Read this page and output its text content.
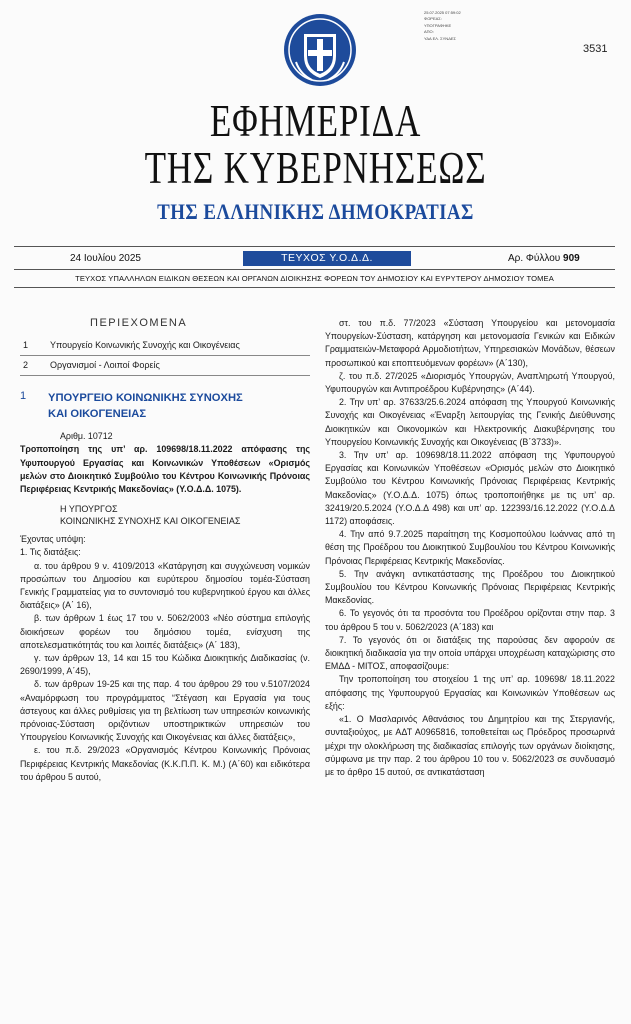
25.07.2025 07:59:02
ΦΟΡΕΑΣ:
ΥΠΟΓΡΑΦΗΚΕ
ΑΠΟ:
ΥΔΑ ΕΛ. ΣΥΝΔΕΣ
3531
ΕΦΗΜΕΡΙΔΑ
ΤΗΣ ΚΥΒΕΡΝΗΣΕΩΣ
ΤΗΣ ΕΛΛΗΝΙΚΗΣ ΔΗΜΟΚΡΑΤΙΑΣ
24 Ιουλίου 2025	ΤΕΥΧΟΣ Υ.Ο.Δ.Δ.	Αρ. Φύλλου 909
ΤΕΥΧΟΣ ΥΠΑΛΛΗΛΩΝ ΕΙΔΙΚΩΝ ΘΕΣΕΩΝ ΚΑΙ ΟΡΓΑΝΩΝ ΔΙΟΙΚΗΣΗΣ ΦΟΡΕΩΝ ΤΟΥ ΔΗΜΟΣΙΟΥ ΚΑΙ ΕΥΡΥΤΕΡΟΥ ΔΗΜΟΣΙΟΥ ΤΟΜΕΑ
ΠΕΡΙΕΧΟΜΕΝΑ
1 Υπουργείο Κοινωνικής Συνοχής και Οικογένειας
2 Οργανισμοί - Λοιποί Φορείς
1 ΥΠΟΥΡΓΕΙΟ ΚΟΙΝΩΝΙΚΗΣ ΣΥΝΟΧΗΣ
ΚΑΙ ΟΙΚΟΓΕΝΕΙΑΣ
Αριθμ. 10712

Τροποποίηση της υπ’ αρ. 109698/18.11.2022 απόφασης της Υφυπουργού Εργασίας και Κοινωνικών Υποθέσεων «Ορισμός μελών στο Διοικητικό Συμβούλιο του Κέντρου Κοινωνικής Πρόνοιας Περιφέρειας Κεντρικής Μακεδονίας» (Υ.Ο.Δ.Δ. 1075).

Η ΥΠΟΥΡΓΟΣ
ΚΟΙΝΩΝΙΚΗΣ ΣΥΝΟΧΗΣ ΚΑΙ ΟΙΚΟΓΕΝΕΙΑΣ

Έχοντας υπόψη:

1. Τις διατάξεις:

α. του άρθρου 9 ν. 4109/2013 «Κατάργηση και συγχώνευση νομικών προσώπων του Δημοσίου και ευρύτερου δημοσίου τομέα-Σύσταση Γενικής Γραμματείας για το συντονισμό του κυβερνητικού έργου και άλλες διατάξεις» (Α΄ 16),

β. των άρθρων 1 έως 17 του ν. 5062/2003 «Νέο σύστημα επιλογής διοικήσεων φορέων του δημόσιου τομέα, ενίσχυση της αποτελεσματικότητάς του και λοιπές διατάξεις» (Α΄ 183),

γ. των άρθρων 13, 14 και 15 του Κώδικα Διοικητικής Διαδικασίας (ν. 2690/1999, Α΄45),

δ. των άρθρων 19-25 και της παρ. 4 του άρθρου 29 του ν.5107/2024 «Αναμόρφωση του προγράμματος “Στέγαση και Εργασία για τους άστεγους και άλλες ρυθμίσεις για τη βελτίωση των υπηρεσιών κοινωνικής πρόνοιας-Σύσταση οριζόντιων υποστηρικτικών υπηρεσιών του Υπουργείου Κοινωνικής Συνοχής και Οικογένειας και άλλες διατάξεις»,

ε. του π.δ. 29/2023 «Οργανισμός Κέντρου Κοινωνικής Πρόνοιας Περιφέρειας Κεντρικής Μακεδονίας (Κ.Κ.Π.Π. Κ. Μ.) (Α΄60) και ειδικότερα του άρθρου 5 αυτού,

στ. του π.δ. 77/2023 «Σύσταση Υπουργείου και μετονομασία Υπουργείων-Σύσταση, κατάργηση και μετονομασία Γενικών και Ειδικών Γραμματειών-Μεταφορά Αρμοδιοτήτων, Υπηρεσιακών Μονάδων, θέσεων προσωπικού και εποπτευόμενων φορέων» (Α΄130),

ζ. του π.δ. 27/2025 «Διορισμός Υπουργών, Αναπληρωτή Υπουργού, Υφυπουργών και Αντιπροέδρου Κυβέρνησης» (Α΄44).

2. Την υπ’ αρ. 37633/25.6.2024 απόφαση της Υπουργού Κοινωνικής Συνοχής και Οικογένειας «Έναρξη λειτουργίας της Γενικής Διεύθυνσης Διοικητικών και Οικονομικών και Ηλεκτρονικής Διακυβέρνησης του Υπουργείου Κοινωνικής Συνοχής και Οικογένειας (Β΄3733)».

3. Την υπ’ αρ. 109698/18.11.2022 απόφαση της Υφυπουργού Εργασίας και Κοινωνικών Υποθέσεων «Ορισμός μελών στο Διοικητικό Συμβούλιο του Κέντρου Κοινωνικής Πρόνοιας Περιφέρειας Κεντρικής Μακεδονίας» (Υ.Ο.Δ.Δ. 1075) όπως τροποποιήθηκε με τις υπ’ αρ. 32419/20.5.2024 (Υ.Ο.Δ.Δ 498) και υπ’ αρ. 122393/16.12.2022 (Υ.Ο.Δ.Δ 1172) αποφάσεις.

4. Την από 9.7.2025 παραίτηση της Κοσμοπούλου Ιωάννας από τη θέση της Προέδρου του Διοικητικού Συμβουλίου του Κέντρου Κοινωνικής Πρόνοιας Περιφέρειας Κεντρικής Μακεδονίας.

5. Την ανάγκη αντικατάστασης της Προέδρου του Διοικητικού Συμβουλίου του Κέντρου Κοινωνικής Πρόνοιας Περιφέρειας Κεντρικής Μακεδονίας.

6. Το γεγονός ότι τα προσόντα του Προέδρου ορίζονται στην παρ. 3 του άρθρου 5 του ν. 5062/2023 (Α΄183) και

7. Το γεγονός ότι οι διατάξεις της παρούσας δεν αφορούν σε διοικητική διαδικασία για την οποία υπάρχει υποχρέωση καταχώρισης στο ΕΜΔΔ - ΜΙΤΟΣ, αποφασίζουμε:

Την τροποποίηση του στοιχείου 1 της υπ’ αρ. 109698/ 18.11.2022 απόφασης της Υφυπουργού Εργασίας και Κοινωνικών Υποθέσεων ως εξής:

«1. Ο Μασλαρινός Αθανάσιος του Δημητρίου και της Στεργιανής, συνταξιούχος, με ΑΔΤ Α0965816, τοποθετείται ως Πρόεδρος προσωρινά μέχρι την ολοκλήρωση της διαδικασίας επιλογής των οργάνων διοίκησης, σύμφωνα με την παρ. 2 του άρθρου 10 του ν. 5062/2023 σε συνδυασμό με το άρθρο 15 αυτού, σε αντικατάσταση
